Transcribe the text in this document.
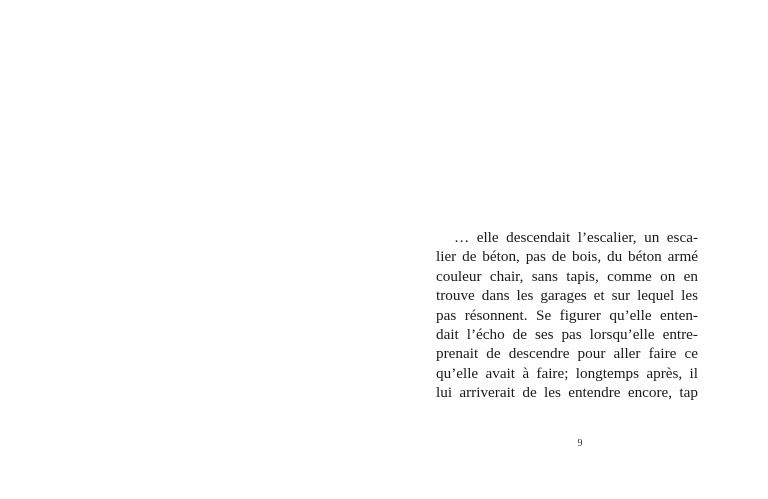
… elle descendait l’escalier, un esca-
lier de béton, pas de bois, du béton armé
couleur chair, sans tapis, comme on en
trouve dans les garages et sur lequel les
pas résonnent. Se figurer qu’elle enten-
dait l’écho de ses pas lorsqu’elle entre-
prenait de descendre pour aller faire ce
qu’elle avait à faire; longtemps après, il
lui arriverait de les entendre encore, tap
9
